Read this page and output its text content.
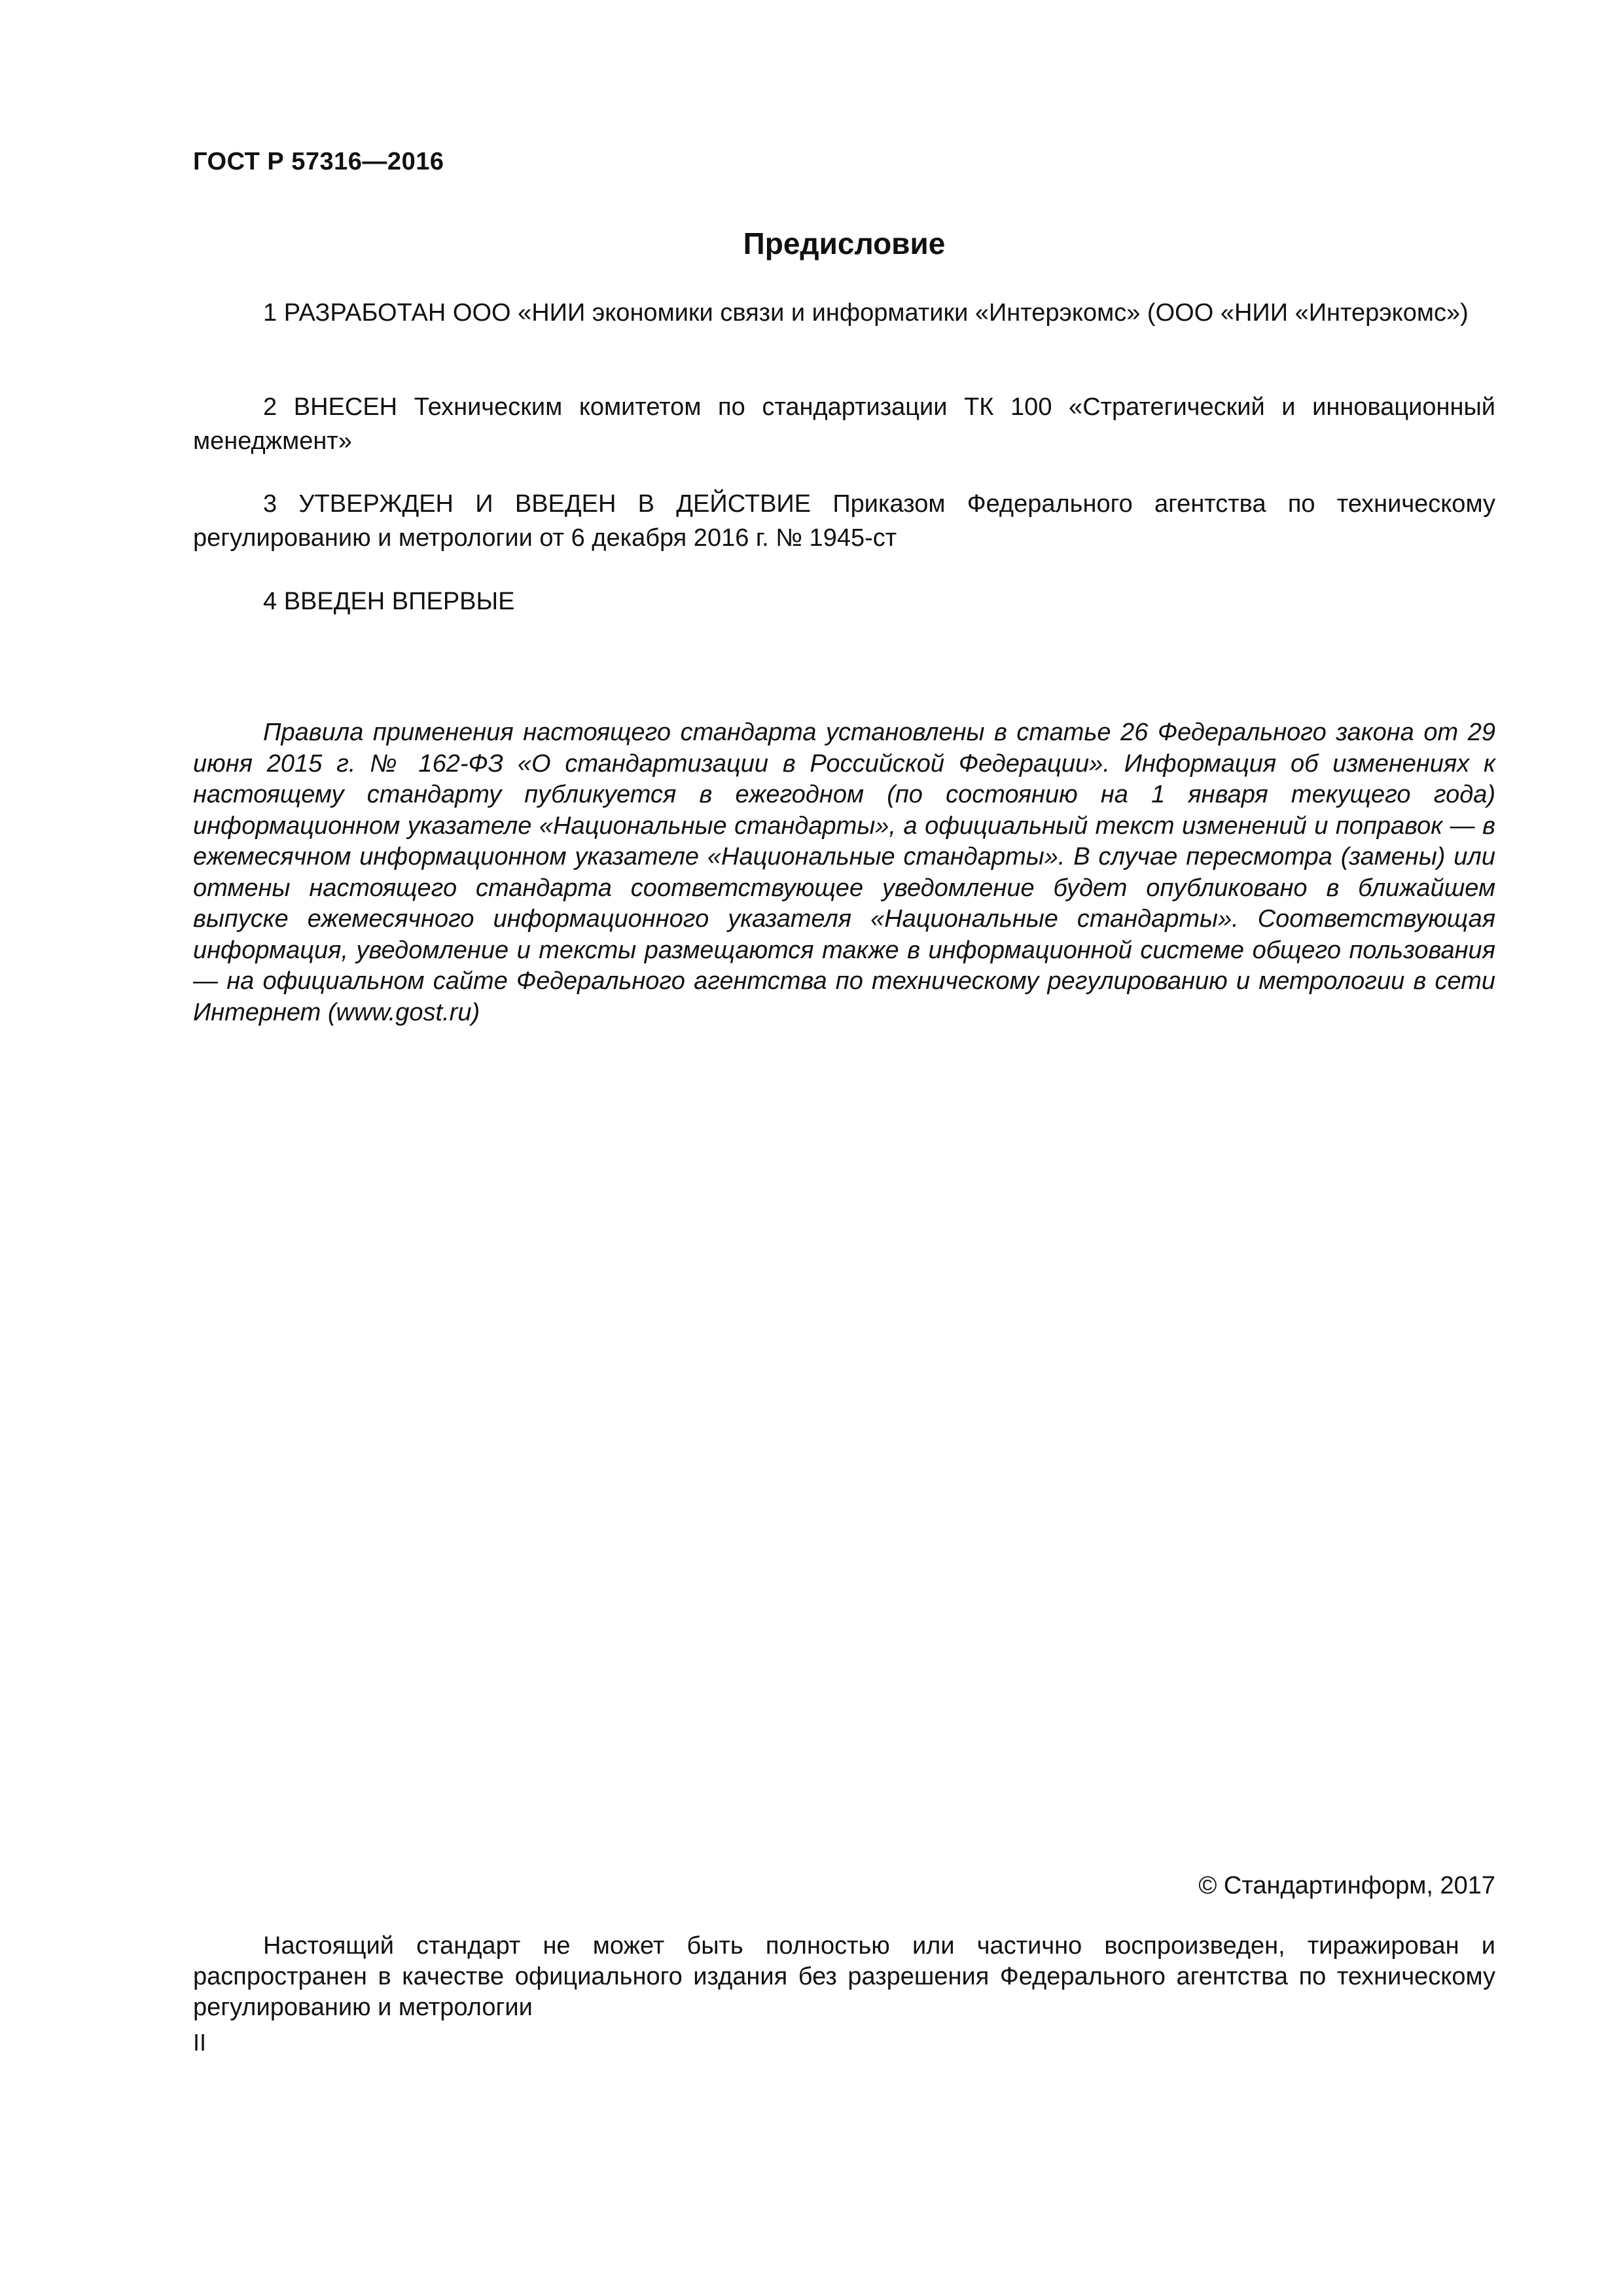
ГОСТ Р 57316—2016
Предисловие

1 РАЗРАБОТАН ООО «НИИ экономики связи и информатики «Интерэкомс» (ООО «НИИ «Интерэкомс»)

2 ВНЕСЕН Техническим комитетом по стандартизации ТК 100 «Стратегический и инновационный менеджмент»

3 УТВЕРЖДЕН И ВВЕДЕН В ДЕЙСТВИЕ Приказом Федерального агентства по техническому регулированию и метрологии от 6 декабря 2016 г. № 1945-ст

4 ВВЕДЕН ВПЕРВЫЕ

Правила применения настоящего стандарта установлены в статье 26 Федерального закона от 29 июня 2015 г. № 162-ФЗ «О стандартизации в Российской Федерации». Информация об изменениях к настоящему стандарту публикуется в ежегодном (по состоянию на 1 января текущего года) информационном указателе «Национальные стандарты», а официальный текст изменений и поправок — в ежемесячном информационном указателе «Национальные стандарты». В случае пересмотра (замены) или отмены настоящего стандарта соответствующее уведомление будет опубликовано в ближайшем выпуске ежемесячного информационного указателя «Национальные стандарты». Соответствующая информация, уведомление и тексты размещаются также в информационной системе общего пользования — на официальном сайте Федерального агентства по техническому регулированию и метрологии в сети Интернет (www.gost.ru)

© Стандартинформ, 2017

Настоящий стандарт не может быть полностью или частично воспроизведен, тиражирован и распространен в качестве официального издания без разрешения Федерального агентства по техническому регулированию и метрологии

II
